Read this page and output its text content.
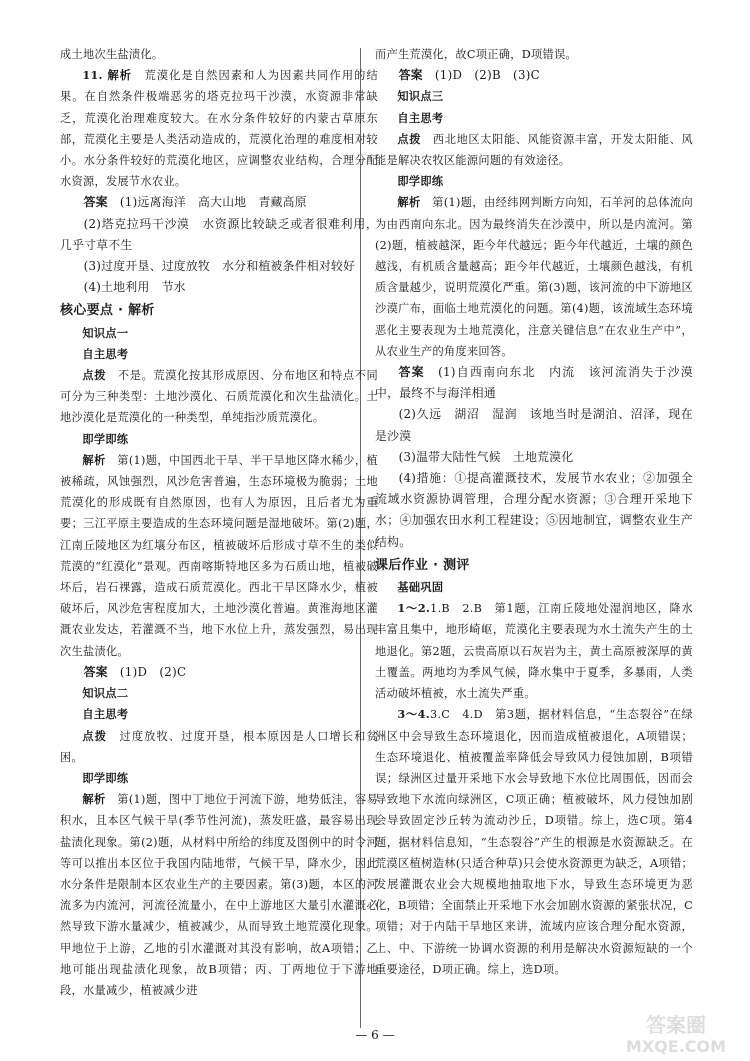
成土地次生盐渍化。

11. 解析　 荒漠化是自然因素和人为因素共同作用的结果。在自然条件极端恶劣的塔克拉玛干沙漠，水资源非常缺乏，荒漠化治理难度较大。在水分条件较好的内蒙古草原东部，荒漠化主要是人类活动造成的，荒漠化治理的难度相对较小。水分条件较好的荒漠化地区，应调整农业结构，合理分配水资源，发展节水农业。

答案　 (1)远离海洋　高大山地　青藏高原

(2)塔克拉玛干沙漠　水资源比较缺乏或者很难利用，几乎寸草不生

(3)过度开垦、过度放牧　水分和植被条件相对较好

(4)土地利用　节水

核心要点 · 解析
知识点一
自主思考

点拨　 不是。荒漠化按其形成原因、分布地区和特点不同可分为三种类型：土地沙漠化、石质荒漠化和次生盐渍化。土地沙漠化是荒漠化的一种类型，单纯指沙质荒漠化。

即学即练

解析　 第(1)题，中国西北干旱、半干旱地区降水稀少，植被稀疏，风蚀强烈，风沙危害普遍，生态环境极为脆弱；土地荒漠化的形成既有自然原因，也有人为原因，且后者尤为重要；三江平原主要造成的生态环境问题是湿地破坏。第(2)题，江南丘陵地区为红壤分布区，植被破坏后形成寸草不生的类似荒漠的“红漠化”景观。西南喀斯特地区多为石质山地，植被破坏后，岩石裸露，造成石质荒漠化。西北干旱区降水少，植被破坏后，风沙危害程度加大，土地沙漠化普遍。黄淮海地区灌溉农业发达，若灌溉不当，地下水位上升，蒸发强烈，易出现次生盐渍化。

答案　 (1)D　(2)C

知识点二
自主思考

点拨　 过度放牧、过度开垦，根本原因是人口增长和贫困。

即学即练

解析　 第(1)题，图中丁地位于河流下游，地势低洼，容易积水，且本区气候干旱(季节性河流)，蒸发旺盛，最容易出现盐渍化现象。第(2)题，从材料中所给的纬度及图例中的时令河等可以推出本区位于我国内陆地带，气候干旱，降水少，因此水分条件是限制本区农业生产的主要因素。第(3)题，本区的河流多为内流河，河流径流量小，在中上游地区大量引水灌溉必然导致下游水量减少，植被减少，从而导致土地荒漠化现象。甲地位于上游，乙地的引水灌溉对其没有影响，故A项错；乙地可能出现盐渍化现象，故B项错；丙、丁两地位于下游地段，水量减少，植被减少进

而产生荒漠化，故C项正确，D项错误。

答案　 (1)D　(2)B　(3)C

知识点三
自主思考

点拨　 西北地区太阳能、风能资源丰富，开发太阳能、风能是解决农牧区能源问题的有效途径。

即学即练

解析　 第(1)题，由经纬网判断方向知，石羊河的总体流向为由西南向东北。因为最终消失在沙漠中，所以是内流河。第(2)题，植被越深，距今年代越远；距今年代越近，土壤的颜色越浅，有机质含量越高；距今年代越近，土壤颜色越浅，有机质含量越少，说明荒漠化严重。第(3)题，该河流的中下游地区沙漠广布，面临土地荒漠化的问题。第(4)题，该流域生态环境恶化主要表现为土地荒漠化，注意关键信息“在农业生产中”，从农业生产的角度来回答。

答案　 (1)自西南向东北　内流　该河流消失于沙漠中，最终不与海洋相通

(2)久远　湖沼　湿润　该地当时是湖泊、沼泽，现在是沙漠

(3)温带大陆性气候　土地荒漠化

(4)措施：①提高灌溉技术，发展节水农业；②加强全流域水资源协调管理，合理分配水资源；③合理开采地下水；④加强农田水利工程建设；⑤因地制宜，调整农业生产结构。

课后作业 · 测评
基础巩固

1～2.1.B　2.B　第1题，江南丘陵地处湿润地区，降水丰富且集中，地形崎岖，荒漠化主要表现为水土流失产生的土地退化。第2题，云贵高原以石灰岩为主，黄土高原被深厚的黄土覆盖。两地均为季风气候，降水集中于夏季，多暴雨，人类活动破坏植被，水土流失严重。

3～4.3.C　4.D　第3题，据材料信息，“生态裂谷”在绿洲区中会导致生态环境退化，因而造成植被退化，A项错误；生态环境退化、植被覆盖率降低会导致风力侵蚀加剧，B项错误；绿洲区过量开采地下水会导致地下水位比周围低，因而会导致地下水流向绿洲区，C项正确；植被破坏，风力侵蚀加剧会导致固定沙丘转为流动沙丘，D项错。综上，选C项。第4题，据材料信息知，“生态裂谷”产生的根源是水资源缺乏。在荒漠区植树造林(只适合种草)只会使水资源更为缺乏，A项错；发展灌溉农业会大规模地抽取地下水，导致生态环境更为恶化，B项错；全面禁止开采地下水会加剧水资源的紧张状况，C项错；对于内陆干旱地区来讲，流域内应该合理分配水资源，上、中、下游统一协调水资源的利用是解决水资源短缺的一个重要途径，D项正确。综上，选D项。

— 6 —	答案圈
MXQE.COM
